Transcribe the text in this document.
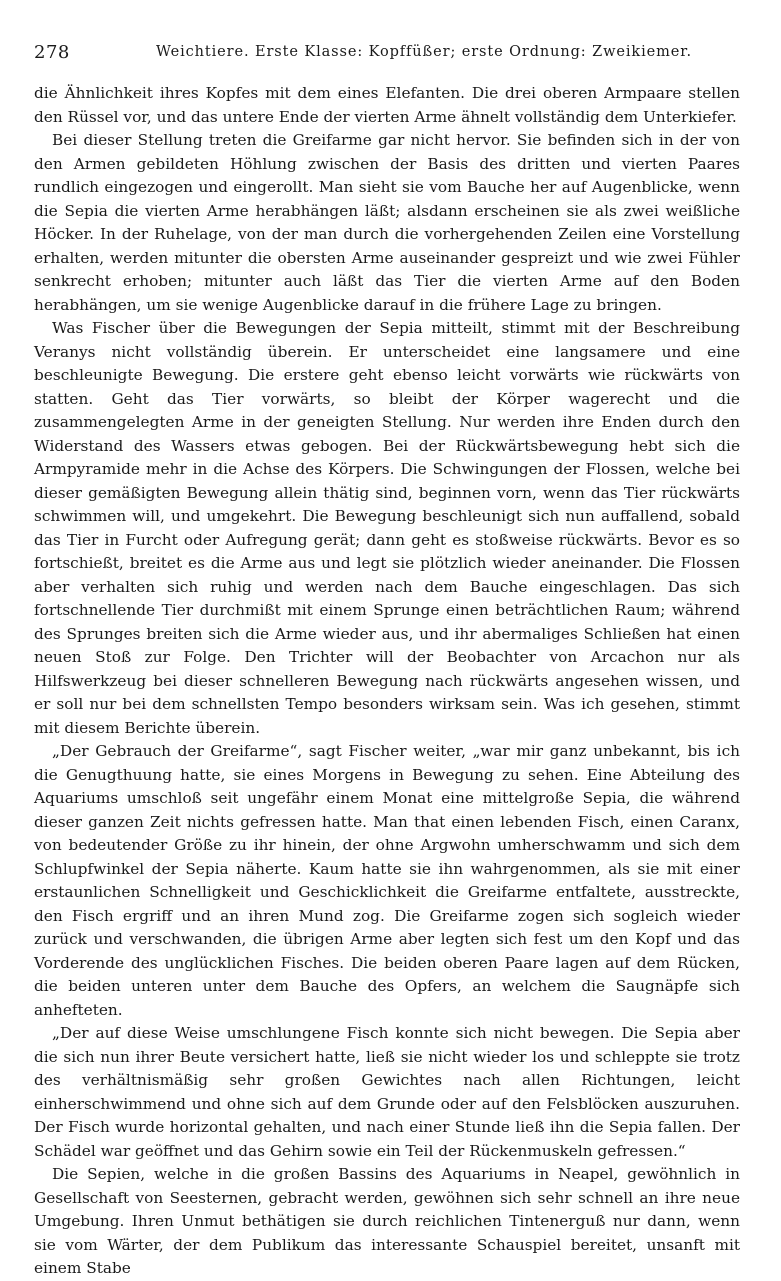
278	Weichtiere. Erste Klasse: Kopffüßer; erste Ordnung: Zweikiemer.

die Ähnlichkeit ihres Kopfes mit dem eines Elefanten. Die drei oberen Armpaare stellen den Rüssel vor, und das untere Ende der vierten Arme ähnelt vollständig dem Unterkiefer.

Bei dieser Stellung treten die Greifarme gar nicht hervor. Sie befinden sich in der von den Armen gebildeten Höhlung zwischen der Basis des dritten und vierten Paares rundlich eingezogen und eingerollt. Man sieht sie vom Bauche her auf Augenblicke, wenn die Sepia die vierten Arme herabhängen läßt; alsdann erscheinen sie als zwei weißliche Höcker. In der Ruhelage, von der man durch die vorhergehenden Zeilen eine Vorstellung erhalten, werden mitunter die obersten Arme auseinander gespreizt und wie zwei Fühler senkrecht erhoben; mitunter auch läßt das Tier die vierten Arme auf den Boden herabhängen, um sie wenige Augenblicke darauf in die frühere Lage zu bringen.

Was Fischer über die Bewegungen der Sepia mitteilt, stimmt mit der Beschreibung Veranys nicht vollständig überein. Er unterscheidet eine langsamere und eine beschleunigte Bewegung. Die erstere geht ebenso leicht vorwärts wie rückwärts von statten. Geht das Tier vorwärts, so bleibt der Körper wagerecht und die zusammengelegten Arme in der geneigten Stellung. Nur werden ihre Enden durch den Widerstand des Wassers etwas gebogen. Bei der Rückwärtsbewegung hebt sich die Armpyramide mehr in die Achse des Körpers. Die Schwingungen der Flossen, welche bei dieser gemäßigten Bewegung allein thätig sind, beginnen vorn, wenn das Tier rückwärts schwimmen will, und umgekehrt. Die Bewegung beschleunigt sich nun auffallend, sobald das Tier in Furcht oder Aufregung gerät; dann geht es stoßweise rückwärts. Bevor es so fortschießt, breitet es die Arme aus und legt sie plötzlich wieder aneinander. Die Flossen aber verhalten sich ruhig und werden nach dem Bauche eingeschlagen. Das sich fortschnellende Tier durchmißt mit einem Sprunge einen beträchtlichen Raum; während des Sprunges breiten sich die Arme wieder aus, und ihr abermaliges Schließen hat einen neuen Stoß zur Folge. Den Trichter will der Beobachter von Arcachon nur als Hilfswerkzeug bei dieser schnelleren Bewegung nach rückwärts angesehen wissen, und er soll nur bei dem schnellsten Tempo besonders wirksam sein. Was ich gesehen, stimmt mit diesem Berichte überein.

„Der Gebrauch der Greifarme“, sagt Fischer weiter, „war mir ganz unbekannt, bis ich die Genugthuung hatte, sie eines Morgens in Bewegung zu sehen. Eine Abteilung des Aquariums umschloß seit ungefähr einem Monat eine mittelgroße Sepia, die während dieser ganzen Zeit nichts gefressen hatte. Man that einen lebenden Fisch, einen Caranx, von bedeutender Größe zu ihr hinein, der ohne Argwohn umherschwamm und sich dem Schlupfwinkel der Sepia näherte. Kaum hatte sie ihn wahrgenommen, als sie mit einer erstaunlichen Schnelligkeit und Geschicklichkeit die Greifarme entfaltete, ausstreckte, den Fisch ergriff und an ihren Mund zog. Die Greifarme zogen sich sogleich wieder zurück und verschwanden, die übrigen Arme aber legten sich fest um den Kopf und das Vorderende des unglücklichen Fisches. Die beiden oberen Paare lagen auf dem Rücken, die beiden unteren unter dem Bauche des Opfers, an welchem die Saugnäpfe sich anhefteten.

„Der auf diese Weise umschlungene Fisch konnte sich nicht bewegen. Die Sepia aber die sich nun ihrer Beute versichert hatte, ließ sie nicht wieder los und schleppte sie trotz des verhältnismäßig sehr großen Gewichtes nach allen Richtungen, leicht einherschwimmend und ohne sich auf dem Grunde oder auf den Felsblöcken auszuruhen. Der Fisch wurde horizontal gehalten, und nach einer Stunde ließ ihn die Sepia fallen. Der Schädel war geöffnet und das Gehirn sowie ein Teil der Rückenmuskeln gefressen.“

Die Sepien, welche in die großen Bassins des Aquariums in Neapel, gewöhnlich in Gesellschaft von Seesternen, gebracht werden, gewöhnen sich sehr schnell an ihre neue Umgebung. Ihren Unmut bethätigen sie durch reichlichen Tintenerguß nur dann, wenn sie vom Wärter, der dem Publikum das interessante Schauspiel bereitet, unsanft mit einem Stabe
